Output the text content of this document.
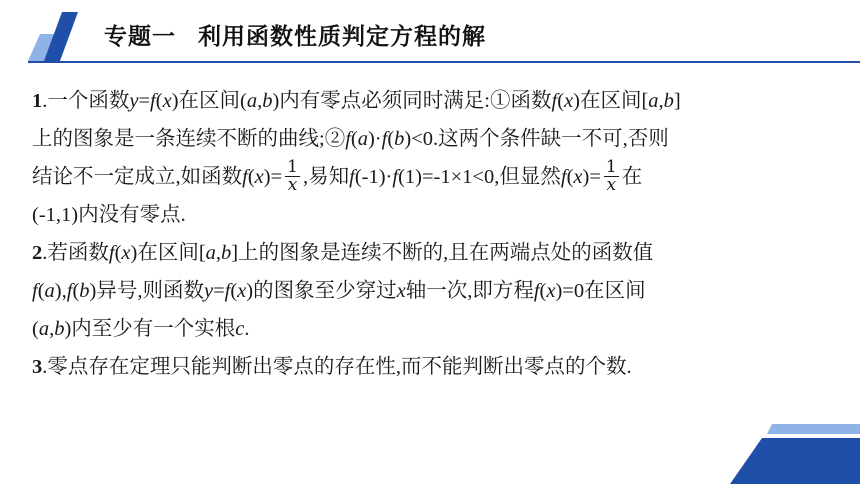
专题一 利用函数性质判定方程的解
1.一个函数y=f(x)在区间(a,b)内有零点必须同时满足:①函数f(x)在区间[a,b]
上的图象是一条连续不断的曲线;②f(a)·f(b)<0.这两个条件缺一不可,否则
结论不一定成立,如函数$f(x)= \frac{1}{x}$ ,易知f(-1)·f(1)=-1×1<0,但显然$f(x)= \frac{1}{x}$ 在
(-1,1)内没有零点.
2.若函数f(x)在区间[a,b]上的图象是连续不断的,且在两端点处的函数值
f(a),f(b)异号,则函数y=f(x)的图象至少穿过x轴一次,即方程f(x)=0在区间
(a,b)内至少有一个实根c.
3.零点存在定理只能判断出零点的存在性,而不能判断出零点的个数.
